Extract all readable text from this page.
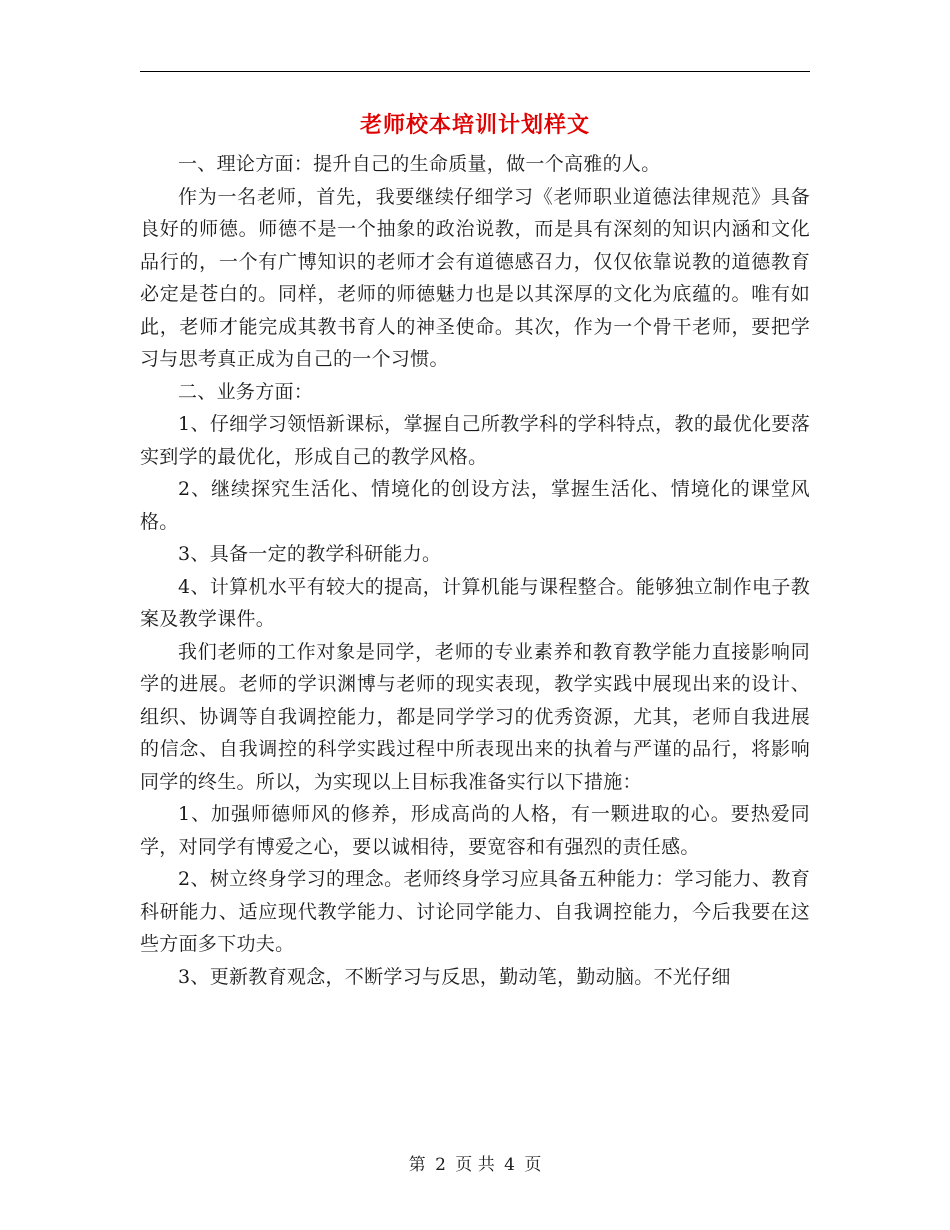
老师校本培训计划样文

一、理论方面：提升自己的生命质量，做一个高雅的人。

作为一名老师，首先，我要继续仔细学习《老师职业道德法律规范》具备良好的师德。师德不是一个抽象的政治说教，而是具有深刻的知识内涵和文化品行的，一个有广博知识的老师才会有道德感召力，仅仅依靠说教的道德教育必定是苍白的。同样，老师的师德魅力也是以其深厚的文化为底蕴的。唯有如此，老师才能完成其教书育人的神圣使命。其次，作为一个骨干老师，要把学习与思考真正成为自己的一个习惯。

二、业务方面：

1、仔细学习领悟新课标，掌握自己所教学科的学科特点，教的最优化要落实到学的最优化，形成自己的教学风格。

2、继续探究生活化、情境化的创设方法，掌握生活化、情境化的课堂风格。

3、具备一定的教学科研能力。

4、计算机水平有较大的提高，计算机能与课程整合。能够独立制作电子教案及教学课件。

我们老师的工作对象是同学，老师的专业素养和教育教学能力直接影响同学的进展。老师的学识渊博与老师的现实表现，教学实践中展现出来的设计、组织、协调等自我调控能力，都是同学学习的优秀资源，尤其，老师自我进展的信念、自我调控的科学实践过程中所表现出来的执着与严谨的品行，将影响同学的终生。所以，为实现以上目标我准备实行以下措施：

1、加强师德师风的修养，形成高尚的人格，有一颗进取的心。要热爱同学，对同学有博爱之心，要以诚相待，要宽容和有强烈的责任感。

2、树立终身学习的理念。老师终身学习应具备五种能力：学习能力、教育科研能力、适应现代教学能力、讨论同学能力、自我调控能力，今后我要在这些方面多下功夫。

3、更新教育观念，不断学习与反思，勤动笔，勤动脑。不光仔细

第 2 页 共 4 页
